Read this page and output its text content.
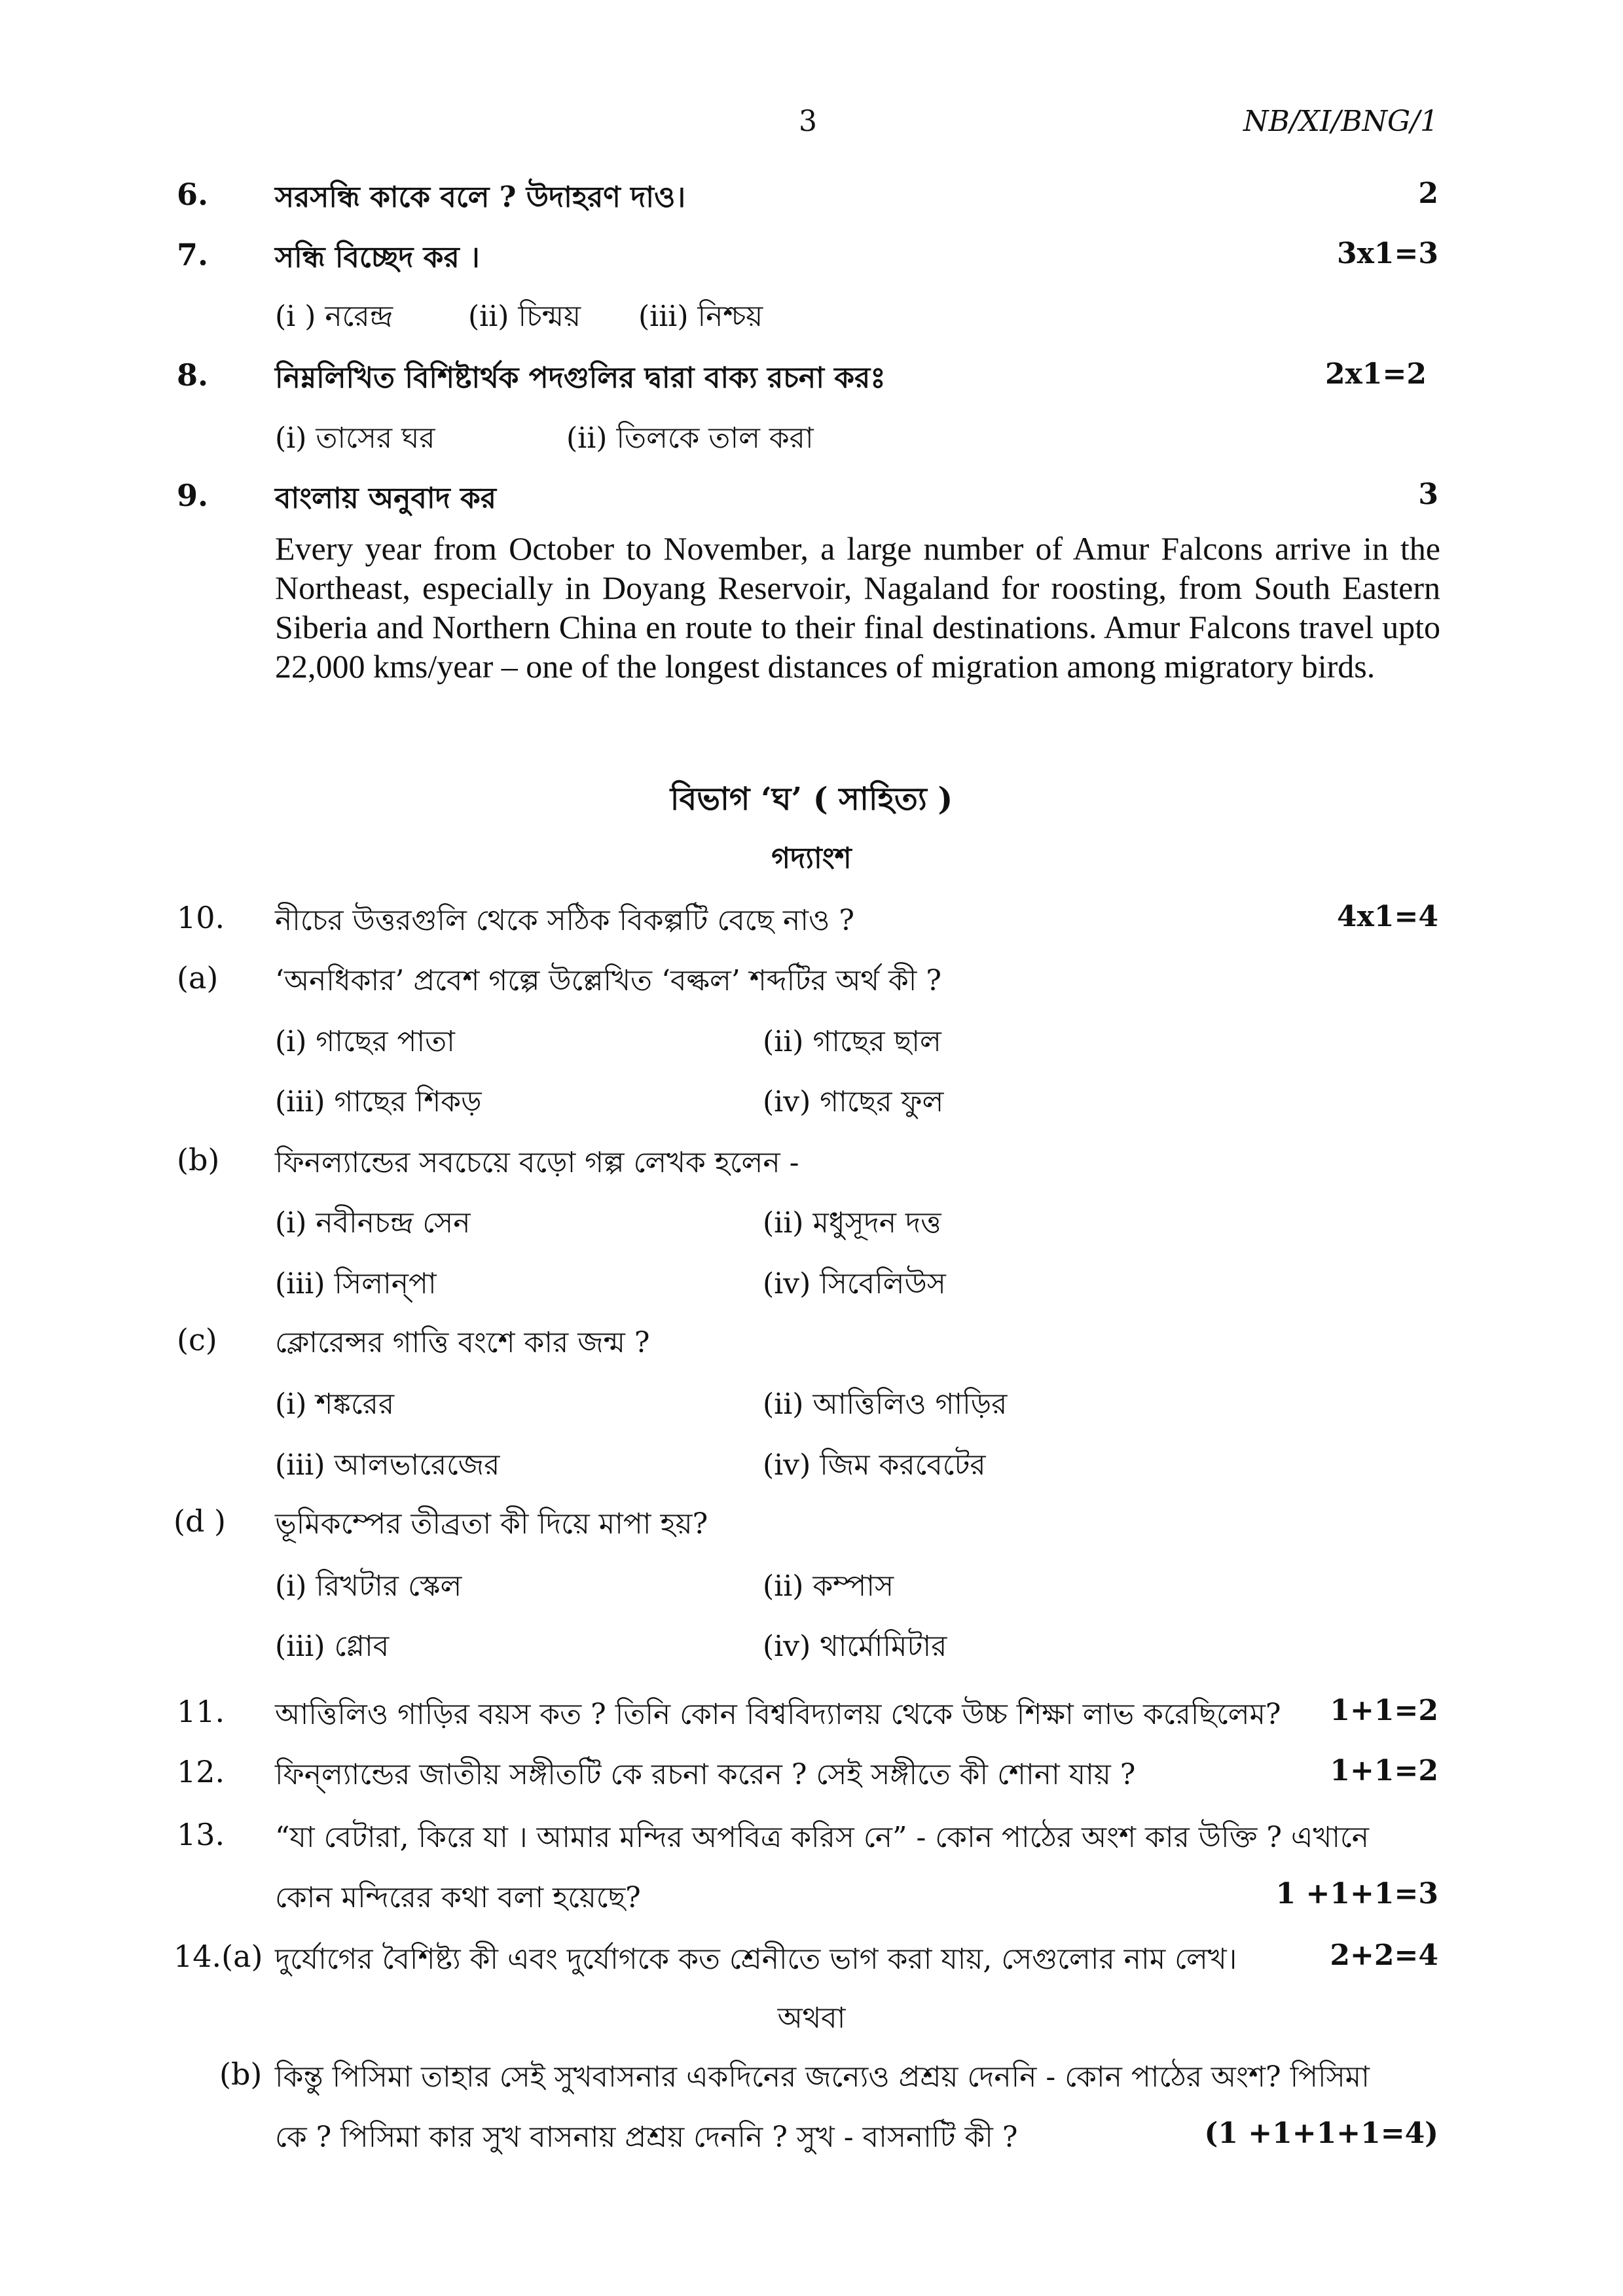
3	NB/XI/BNG/1
6. সরসন্ধি কাকে বলে ? উদাহরণ দাও।	2
7. সন্ধি বিচ্ছেদ কর ।	3x1=3
(i ) নরেন্দ্র	(ii) চিন্ময় (iii) নিশ্চয়
8. নিম্নলিখিত বিশিষ্টার্থক পদগুলির দ্বারা বাক্য রচনা করঃ	2x1=2
(i) তাসের ঘর	(ii) তিলকে তাল করা
9. বাংলায় অনুবাদ কর	3
Every year from October to November, a large number of Amur Falcons arrive in the Northeast, especially in Doyang Reservoir, Nagaland for roosting, from South Eastern Siberia and Northern China en route to their final destinations. Amur Falcons travel upto 22,000 kms/year – one of the longest distances of migration among migratory birds.
বিভাগ ‘ঘ’ ( সাহিত্য )
গদ্যাংশ
10. নীচের উত্তরগুলি থেকে সঠিক বিকল্পটি বেছে নাও ?	4x1=4
(a) ‘অনধিকার’ প্রবেশ গল্পে উল্লেখিত ‘বল্কল’ শব্দটির অর্থ কী ?
(i) গাছের পাতা	(ii) গাছের ছাল
(iii) গাছের শিকড়	(iv) গাছের ফুল
(b) ফিনল্যান্ডের সবচেয়ে বড়ো গল্প লেখক হলেন -
(i) নবীনচন্দ্র সেন	(ii) মধুসূদন দত্ত
(iii) সিলান্‌পা	(iv) সিবেলিউস
(c) ক্লোরেন্সর গাত্তি বংশে কার জন্ম ?
(i) শঙ্করের	(ii) আত্তিলিও গাড়ির
(iii) আলভারেজের	(iv) জিম করবেটের
(d ) ভূমিকম্পের তীব্রতা কী দিয়ে মাপা হয়?
(i) রিখটার স্কেল	(ii) কম্পাস
(iii) গ্লোব	(iv) থার্মোমিটার
11. আত্তিলিও গাড়ির বয়স কত ? তিনি কোন বিশ্ববিদ্যালয় থেকে উচ্চ শিক্ষা লাভ করেছিলেম? 1+1=2
12. ফিন্‌ল্যান্ডের জাতীয় সঙ্গীতটি কে রচনা করেন ? সেই সঙ্গীতে কী শোনা যায় ?	1+1=2
13. “যা বেটারা, কিরে যা । আমার মন্দির অপবিত্র করিস নে” - কোন পাঠের অংশ কার উক্তি ? এখানে
কোন মন্দিরের কথা বলা হয়েছে?	1 +1+1=3
14.(a) দুর্যোগের বৈশিষ্ট্য কী এবং দুর্যোগকে কত শ্রেনীতে ভাগ করা যায়, সেগুলোর নাম লেখ।	2+2=4
অথবা
(b) কিন্তু পিসিমা তাহার সেই সুখবাসনার একদিনের জন্যেও প্রশ্রয় দেননি - কোন পাঠের অংশ? পিসিমা
কে ? পিসিমা কার সুখ বাসনায় প্রশ্রয় দেননি ? সুখ - বাসনাটি কী ?	(1 +1+1+1=4)
